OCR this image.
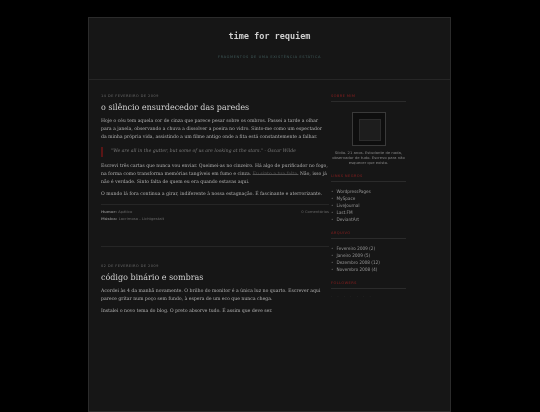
time for requiem
FRAGMENTOS DE UMA EXISTÊNCIA ESTÁTICA
14 DE FEVEREIRO DE 2009
o silêncio ensurdecedor das paredes

Hoje o céu tem aquela cor de cinza que parece pesar sobre os ombros. Passei a tarde a olhar para a janela, observando a chuva a dissolver a poeira no vidro. Sinto-me como um espectador da minha própria vida, assistindo a um filme antigo onde a fita está constantemente a falhar.

"We are all in the gutter, but some of us are looking at the stars." - Oscar Wilde

Escrevi três cartas que nunca vou enviar. Queimei-as no cinzeiro. Há algo de purificador no fogo, na forma como transforma memórias tangíveis em fumo e cinza. Eu sinto a tua falta. Não, isso já não é verdade. Sinto falta de quem eu era quando estavas aqui.

O mundo lá fora continua a girar, indiferente à nossa estagnação. É fascinante e aterrorizante.

Humor: Apático
Música: Lacrimosa - Lichtgestalt
0 Comentários
02 DE FEVEREIRO DE 2009
código binário e sombras

Acordei às 4 da manhã novamente. O brilho do monitor é a única luz no quarto. Escrever aqui parece gritar num poço sem fundo, à espera de um eco que nunca chega.

Instalei o novo tema do blog. O preto absorve tudo. É assim que deve ser.

SOBRE MIM
Sildio. 21 anos. Estudante de nada, observador de tudo. Escrevo para não esquecer que existo.
LINKS NEGROS
• WordpressPages
• MySpace
• LiveJournal
• Last.FM
• DeviantArt
ARQUIVO
• Fevereiro 2009 (2)
• Janeiro 2009 (5)
• Dezembro 2008 (12)
• Novembro 2008 (4)
FOLLOWERS
· · · · · · ·
